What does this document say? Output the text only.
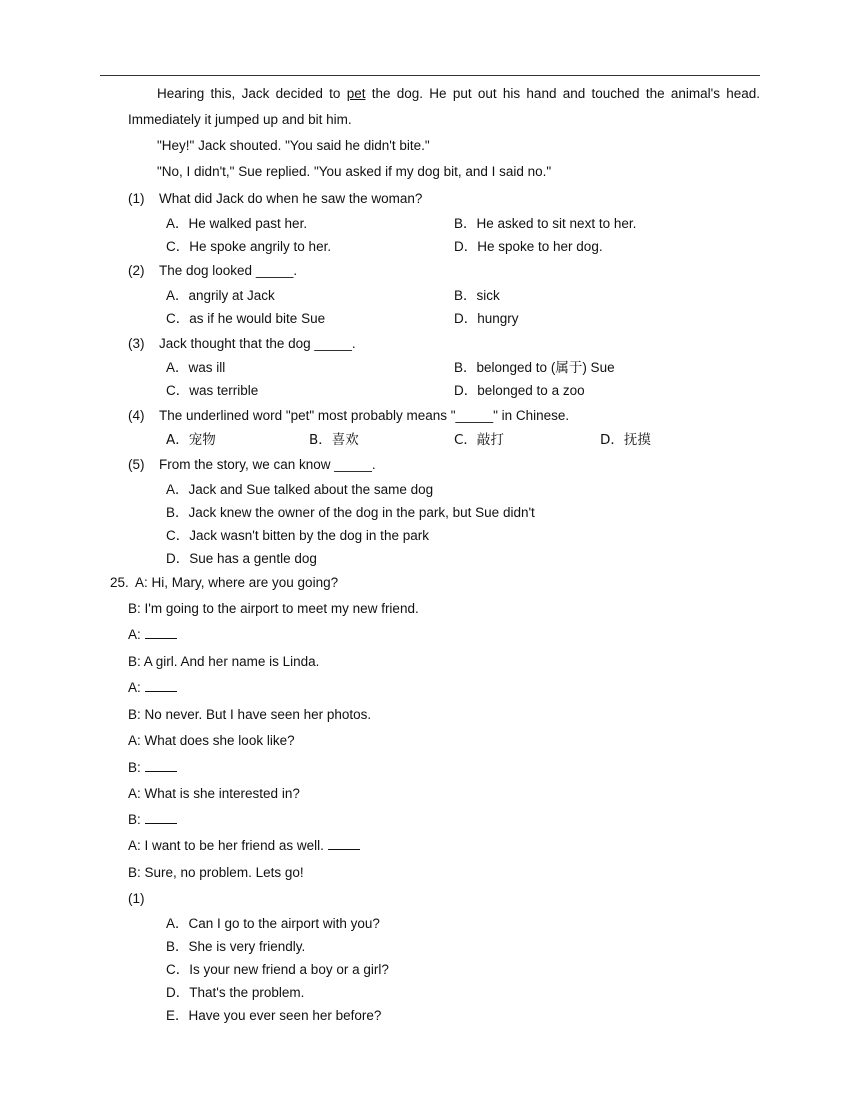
Hearing this, Jack decided to pet the dog. He put out his hand and touched the animal's head.
Immediately it jumped up and bit him.
"Hey!" Jack shouted. "You said he didn't bite."
"No, I didn't," Sue replied. "You asked if my dog bit, and I said no."
(1) What did Jack do when he saw the woman?
A．He walked past her.	B．He asked to sit next to her.
C．He spoke angrily to her.	D．He spoke to her dog.
(2) The dog looked _____.
A．angrily at Jack	B．sick
C．as if he would bite Sue	D．hungry
(3) Jack thought that the dog _____.
A．was ill	B．belonged to (属于) Sue
C．was terrible	D．belonged to a zoo
(4) The underlined word "pet" most probably means "_____" in Chinese.
A．宠物	B．喜欢	C．敲打	D．抚摸
(5) From the story, we can know _____.
A．Jack and Sue talked about the same dog
B．Jack knew the owner of the dog in the park, but Sue didn't
C．Jack wasn't bitten by the dog in the park
D．Sue has a gentle dog
25. A: Hi, Mary, where are you going?
B: I'm going to the airport to meet my new friend.
A:
B: A girl. And her name is Linda.
A:
B: No never. But I have seen her photos.
A: What does she look like?
B:
A: What is she interested in?
B:
A: I want to be her friend as well.
B: Sure, no problem. Lets go!
(1)
A．Can I go to the airport with you?
B．She is very friendly.
C．Is your new friend a boy or a girl?
D．That's the problem.
E．Have you ever seen her before?
